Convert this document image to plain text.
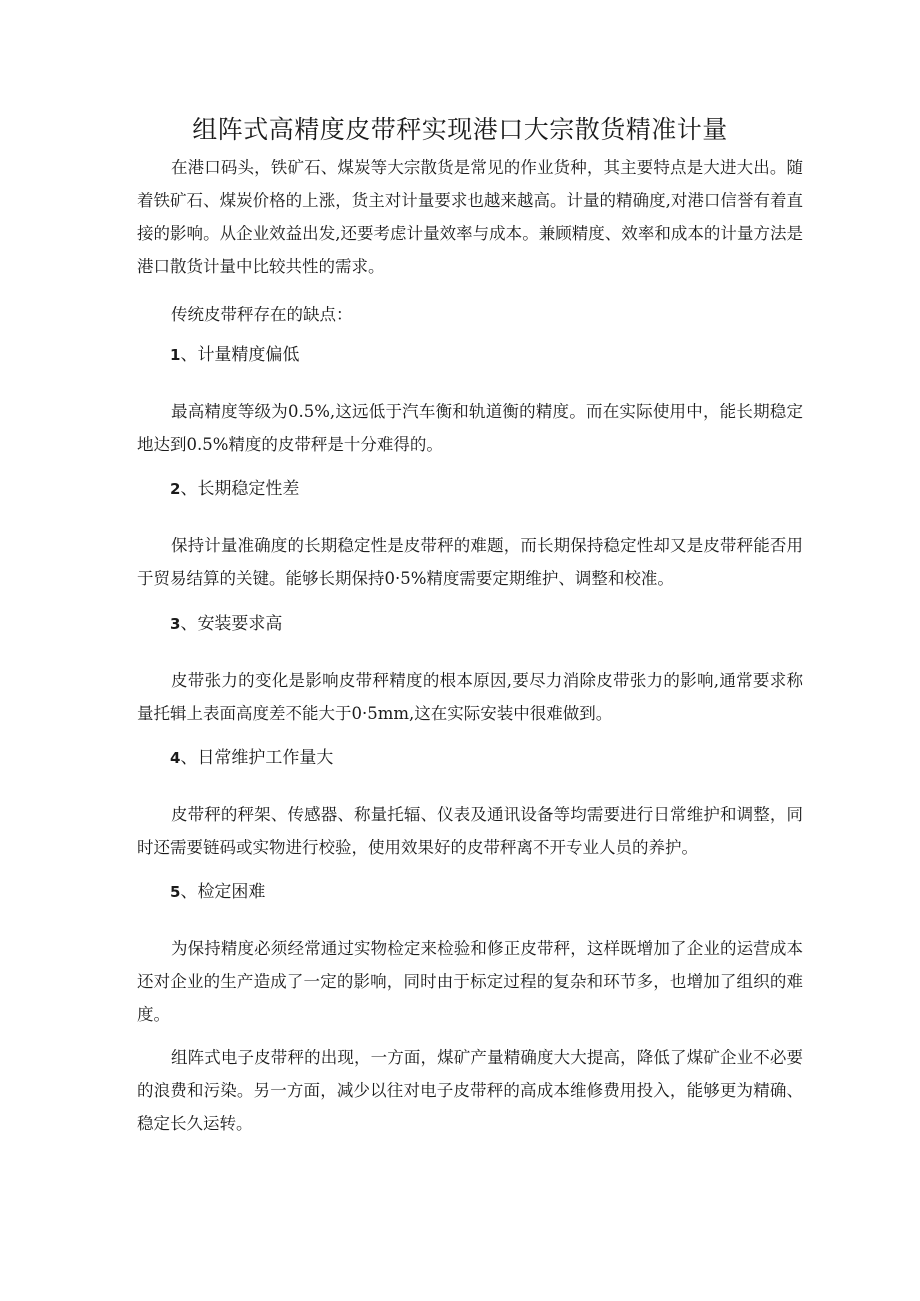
组阵式高精度皮带秤实现港口大宗散货精准计量

在港口码头，铁矿石、煤炭等大宗散货是常见的作业货种，其主要特点是大进大出。随着铁矿石、煤炭价格的上涨，货主对计量要求也越来越高。计量的精确度,对港口信誉有着直接的影响。从企业效益出发,还要考虑计量效率与成本。兼顾精度、效率和成本的计量方法是港口散货计量中比较共性的需求。

传统皮带秤存在的缺点：

1、计量精度偏低

最高精度等级为0.5%,这远低于汽车衡和轨道衡的精度。而在实际使用中，能长期稳定地达到0.5%精度的皮带秤是十分难得的。

2、长期稳定性差

保持计量准确度的长期稳定性是皮带秤的难题，而长期保持稳定性却又是皮带秤能否用于贸易结算的关键。能够长期保持0·5%精度需要定期维护、调整和校准。

3、安装要求高

皮带张力的变化是影响皮带秤精度的根本原因,要尽力消除皮带张力的影响,通常要求称量托辑上表面高度差不能大于0·5mm,这在实际安装中很难做到。

4、日常维护工作量大

皮带秤的秤架、传感器、称量托辐、仪表及通讯设备等均需要进行日常维护和调整，同时还需要链码或实物进行校验，使用效果好的皮带秤离不开专业人员的养护。

5、检定困难

为保持精度必须经常通过实物检定来检验和修正皮带秤，这样既增加了企业的运营成本还对企业的生产造成了一定的影响，同时由于标定过程的复杂和环节多，也增加了组织的难度。

组阵式电子皮带秤的出现，一方面，煤矿产量精确度大大提高，降低了煤矿企业不必要的浪费和污染。另一方面，减少以往对电子皮带秤的高成本维修费用投入，能够更为精确、稳定长久运转。
